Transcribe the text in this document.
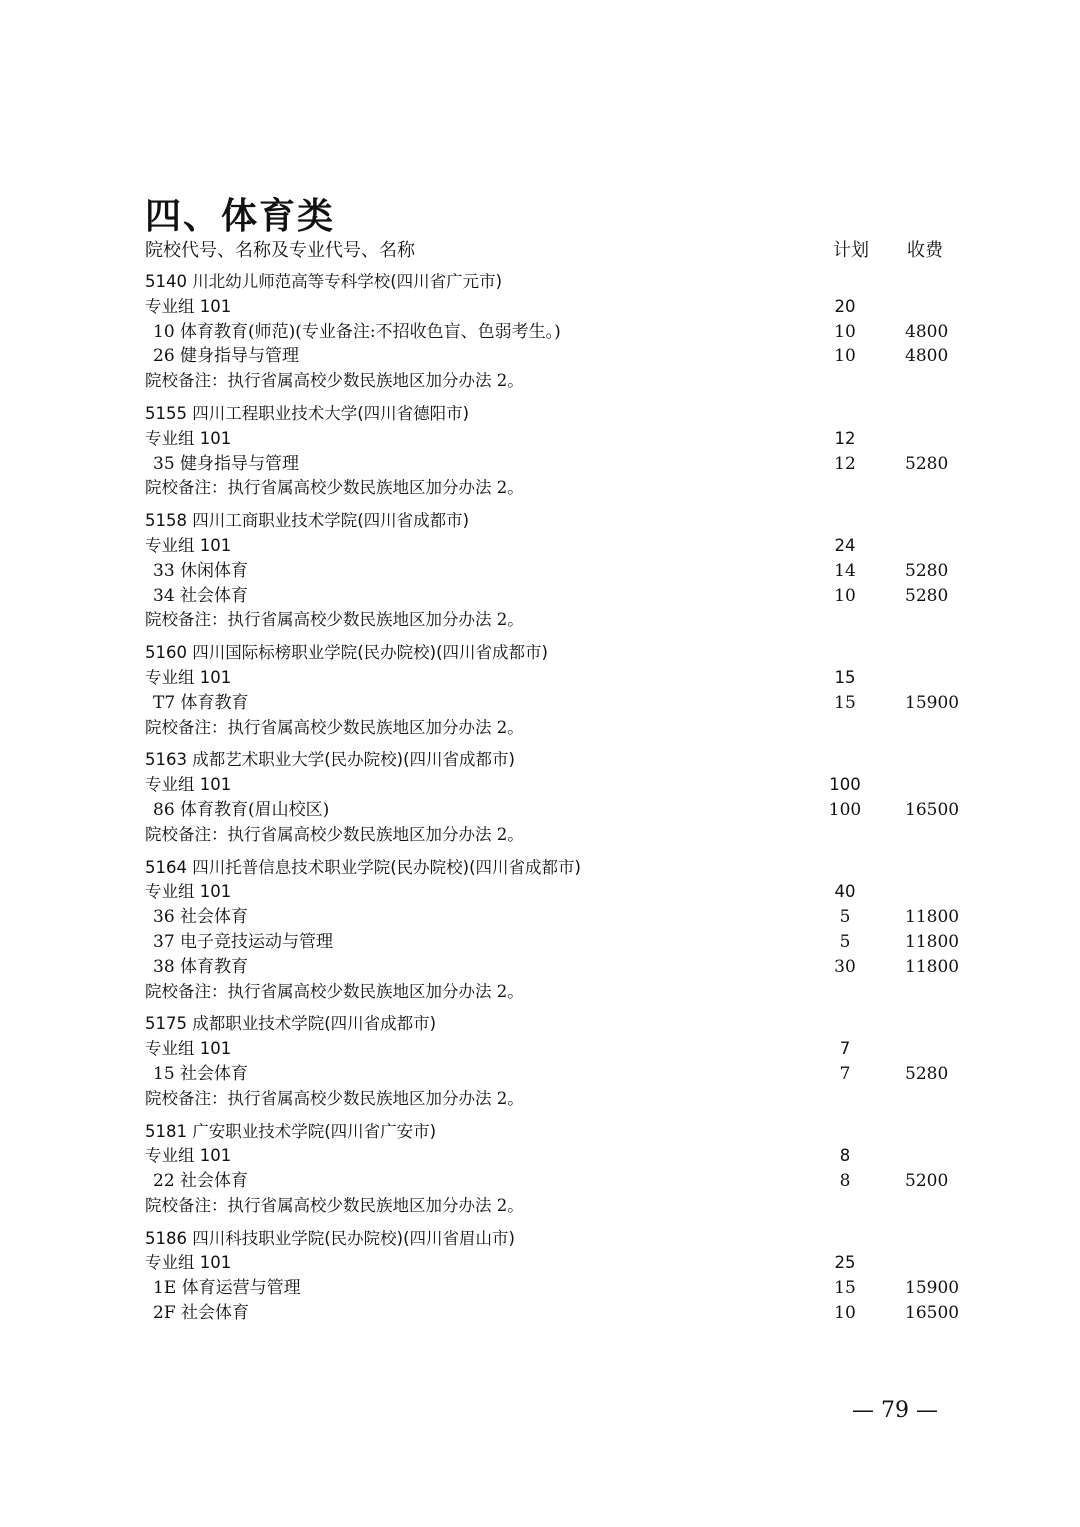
四、体育类
院校代号、名称及专业代号、名称	计划 收费
5140 川北幼儿师范高等专科学校(四川省广元市)
专业组 101	20
10 体育教育(师范)(专业备注:不招收色盲、色弱考生。)	10	4800
26 健身指导与管理	10	4800
院校备注：执行省属高校少数民族地区加分办法 2。
5155 四川工程职业技术大学(四川省德阳市)
专业组 101	12
35 健身指导与管理	12	5280
院校备注：执行省属高校少数民族地区加分办法 2。
5158 四川工商职业技术学院(四川省成都市)
专业组 101	24
33 休闲体育	14	5280
34 社会体育	10	5280
院校备注：执行省属高校少数民族地区加分办法 2。
5160 四川国际标榜职业学院(民办院校)(四川省成都市)
专业组 101	15
T7 体育教育	15	15900
院校备注：执行省属高校少数民族地区加分办法 2。
5163 成都艺术职业大学(民办院校)(四川省成都市)
专业组 101	100
86 体育教育(眉山校区)	100	16500
院校备注：执行省属高校少数民族地区加分办法 2。
5164 四川托普信息技术职业学院(民办院校)(四川省成都市)
专业组 101	40
36 社会体育	5	11800
37 电子竞技运动与管理	5	11800
38 体育教育	30	11800
院校备注：执行省属高校少数民族地区加分办法 2。
5175 成都职业技术学院(四川省成都市)
专业组 101	7
15 社会体育	7	5280
院校备注：执行省属高校少数民族地区加分办法 2。
5181 广安职业技术学院(四川省广安市)
专业组 101	8
22 社会体育	8	5200
院校备注：执行省属高校少数民族地区加分办法 2。
5186 四川科技职业学院(民办院校)(四川省眉山市)
专业组 101	25
1E 体育运营与管理	15	15900
2F 社会体育	10	16500
— 79 —
